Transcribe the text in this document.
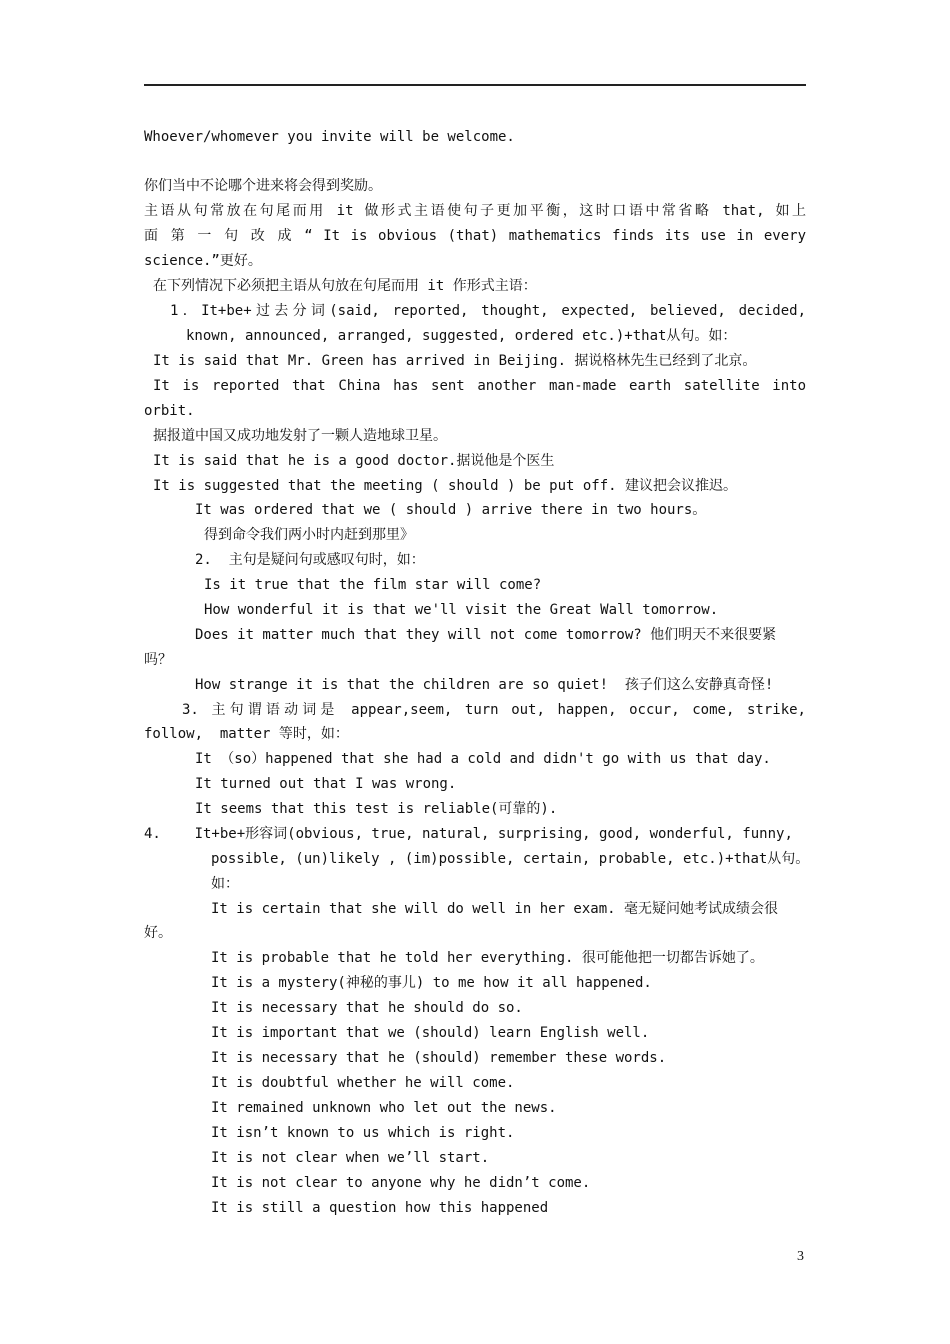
Whoever/whomever you invite will be welcome.
你们当中不论哪个进来将会得到奖励。
主语从句常放在句尾而用 it 做形式主语使句子更加平衡，这时口语中常省略 that, 如上
面 第 一 句 改 成 “ It is obvious (that) mathematics finds its use in every
science.”更好。
在下列情况下必须把主语从句放在句尾而用 it 作形式主语：
1．It+be+过去分词(said, reported, thought, expected, believed, decided,
known, announced, arranged, suggested, ordered etc.)+that从句。如：
It is said that Mr. Green has arrived in Beijing. 据说格林先生已经到了北京。
It is reported that China has sent another man-made earth satellite into
orbit.
据报道中国又成功地发射了一颗人造地球卫星。
It is said that he is a good doctor.据说他是个医生
It is suggested that the meeting ( should ) be put off. 建议把会议推迟。
It was ordered that we ( should ) arrive there in two hours。
得到命令我们两小时内赶到那里》
2.  主句是疑问句或感叹句时，如：
Is it true that the film star will come?
How wonderful it is that we'll visit the Great Wall tomorrow.
Does it matter much that they will not come tomorrow? 他们明天不来很要紧
吗？
How strange it is that the children are so quiet!  孩子们这么安静真奇怪!
3. 主句谓语动词是 appear,seem, turn out, happen, occur, come, strike,
follow,  matter 等时，如：
It （so）happened that she had a cold and didn't go with us that day.
It turned out that I was wrong.
It seems that this test is reliable(可靠的).
4.    It+be+形容词(obvious, true, natural, surprising, good, wonderful, funny,
possible, (un)likely , (im)possible, certain, probable, etc.)+that从句。
如：
It is certain that she will do well in her exam. 毫无疑问她考试成绩会很
好。
It is probable that he told her everything. 很可能他把一切都告诉她了。
It is a mystery(神秘的事儿) to me how it all happened.
It is necessary that he should do so.
It is important that we (should) learn English well.
It is necessary that he (should) remember these words.
It is doubtful whether he will come.
It remained unknown who let out the news.
It isn’t known to us which is right.
It is not clear when we’ll start.
It is not clear to anyone why he didn’t come.
It is still a question how this happened
3
